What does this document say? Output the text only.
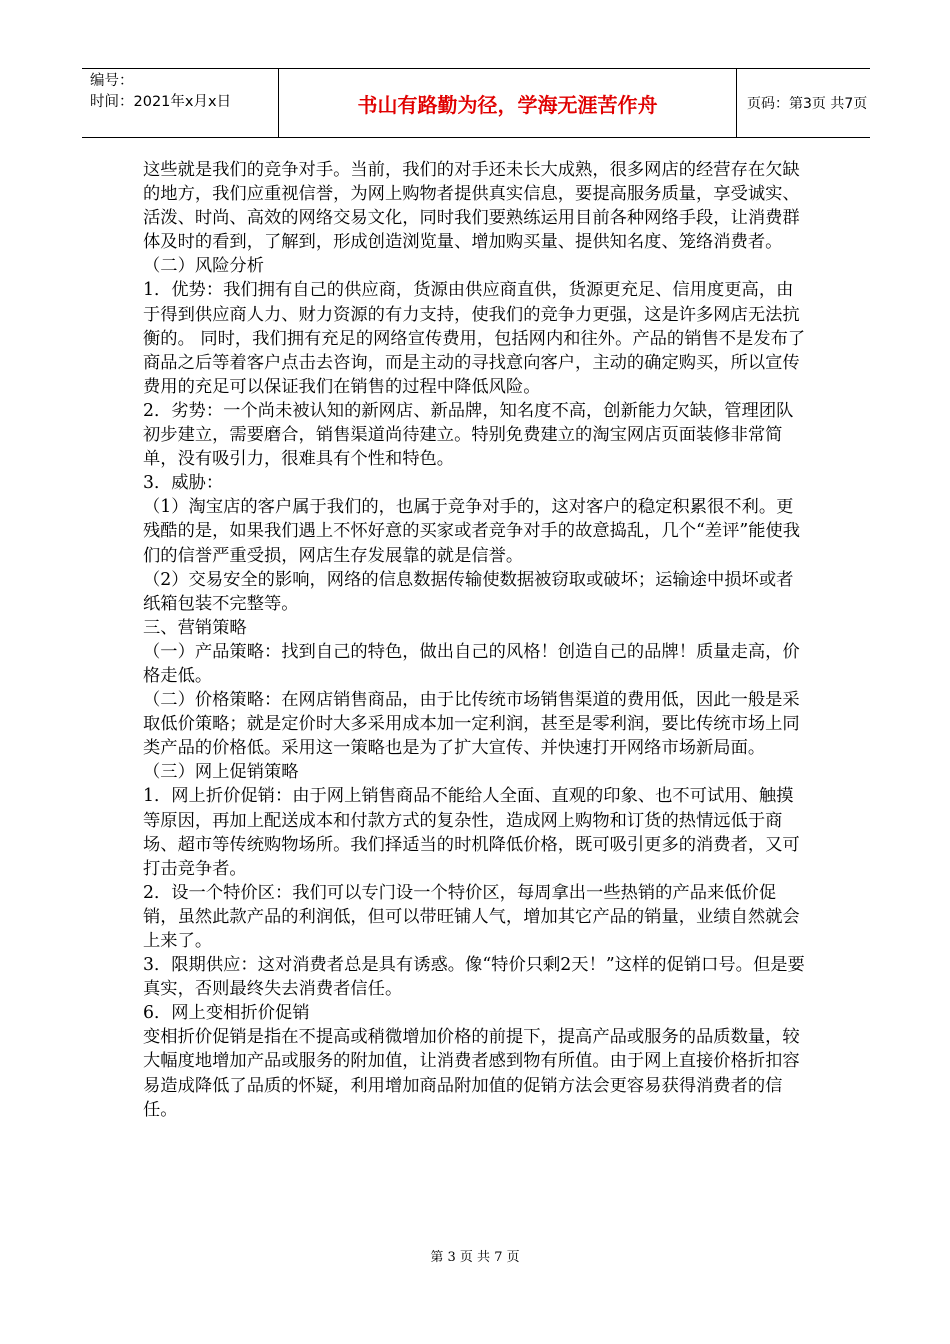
编号：
时间：2021年x月x日	书山有路勤为径，学海无涯苦作舟	页码：第3页 共7页

这些就是我们的竞争对手。当前，我们的对手还未长大成熟，很多网店的经营存在欠缺的地方，我们应重视信誉，为网上购物者提供真实信息，要提高服务质量，享受诚实、活泼、时尚、高效的网络交易文化，同时我们要熟练运用目前各种网络手段，让消费群体及时的看到，了解到，形成创造浏览量、增加购买量、提供知名度、笼络消费者。

（二）风险分析

1．优势：我们拥有自己的供应商，货源由供应商直供，货源更充足、信用度更高，由于得到供应商人力、财力资源的有力支持，使我们的竞争力更强，这是许多网店无法抗衡的。 同时，我们拥有充足的网络宣传费用，包括网内和往外。产品的销售不是发布了商品之后等着客户点击去咨询，而是主动的寻找意向客户，主动的确定购买，所以宣传费用的充足可以保证我们在销售的过程中降低风险。

2．劣势：一个尚未被认知的新网店、新品牌，知名度不高，创新能力欠缺，管理团队初步建立，需要磨合，销售渠道尚待建立。特别免费建立的淘宝网店页面装修非常简单，没有吸引力，很难具有个性和特色。

3．威胁：

（1）淘宝店的客户属于我们的，也属于竞争对手的，这对客户的稳定积累很不利。更残酷的是，如果我们遇上不怀好意的买家或者竞争对手的故意捣乱，几个“差评”能使我们的信誉严重受损，网店生存发展靠的就是信誉。

（2）交易安全的影响，网络的信息数据传输使数据被窃取或破坏；运输途中损坏或者纸箱包装不完整等。

三、营销策略

（一）产品策略：找到自己的特色，做出自己的风格！创造自己的品牌！质量走高，价格走低。

（二）价格策略：在网店销售商品，由于比传统市场销售渠道的费用低，因此一般是采取低价策略；就是定价时大多采用成本加一定利润，甚至是零利润，要比传统市场上同类产品的价格低。采用这一策略也是为了扩大宣传、并快速打开网络市场新局面。

（三）网上促销策略

1．网上折价促销：由于网上销售商品不能给人全面、直观的印象、也不可试用、触摸等原因，再加上配送成本和付款方式的复杂性，造成网上购物和订货的热情远低于商场、超市等传统购物场所。我们择适当的时机降低价格，既可吸引更多的消费者，又可打击竞争者。

2．设一个特价区：我们可以专门设一个特价区，每周拿出一些热销的产品来低价促销，虽然此款产品的利润低，但可以带旺铺人气，增加其它产品的销量，业绩自然就会上来了。

3．限期供应：这对消费者总是具有诱惑。像“特价只剩2天！”这样的促销口号。但是要真实，否则最终失去消费者信任。

6．网上变相折价促销

变相折价促销是指在不提高或稍微增加价格的前提下，提高产品或服务的品质数量，较大幅度地增加产品或服务的附加值，让消费者感到物有所值。由于网上直接价格折扣容易造成降低了品质的怀疑，利用增加商品附加值的促销方法会更容易获得消费者的信任。

第 3 页 共 7 页
